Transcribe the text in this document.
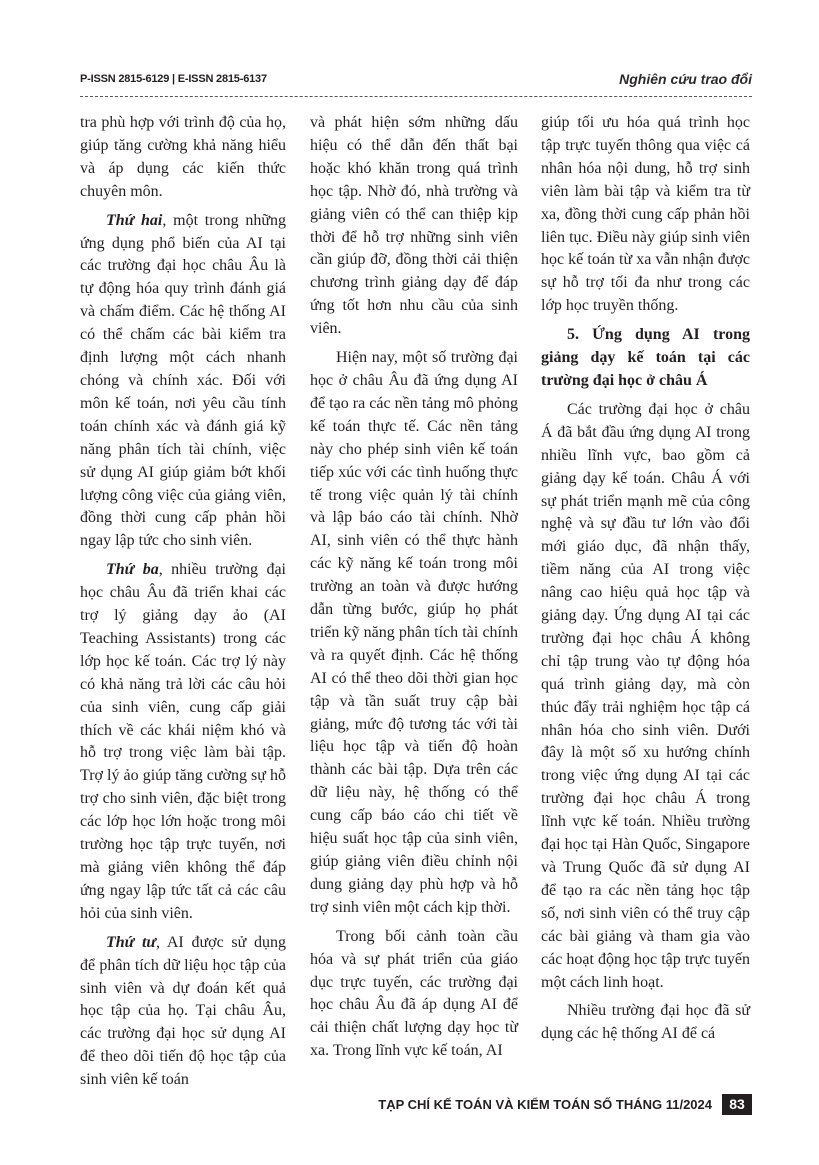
P-ISSN 2815-6129 | E-ISSN 2815-6137	Nghiên cứu trao đổi

tra phù hợp với trình độ của họ, giúp tăng cường khả năng hiểu và áp dụng các kiến thức chuyên môn.

Thứ hai, một trong những ứng dụng phổ biến của AI tại các trường đại học châu Âu là tự động hóa quy trình đánh giá và chấm điểm. Các hệ thống AI có thể chấm các bài kiểm tra định lượng một cách nhanh chóng và chính xác. Đối với môn kế toán, nơi yêu cầu tính toán chính xác và đánh giá kỹ năng phân tích tài chính, việc sử dụng AI giúp giảm bớt khối lượng công việc của giảng viên, đồng thời cung cấp phản hồi ngay lập tức cho sinh viên.

Thứ ba, nhiều trường đại học châu Âu đã triển khai các trợ lý giảng dạy ảo (AI Teaching Assistants) trong các lớp học kế toán. Các trợ lý này có khả năng trả lời các câu hỏi của sinh viên, cung cấp giải thích về các khái niệm khó và hỗ trợ trong việc làm bài tập. Trợ lý ảo giúp tăng cường sự hỗ trợ cho sinh viên, đặc biệt trong các lớp học lớn hoặc trong môi trường học tập trực tuyến, nơi mà giảng viên không thể đáp ứng ngay lập tức tất cả các câu hỏi của sinh viên.

Thứ tư, AI được sử dụng để phân tích dữ liệu học tập của sinh viên và dự đoán kết quả học tập của họ. Tại châu Âu, các trường đại học sử dụng AI để theo dõi tiến độ học tập của sinh viên kế toán

và phát hiện sớm những dấu hiệu có thể dẫn đến thất bại hoặc khó khăn trong quá trình học tập. Nhờ đó, nhà trường và giảng viên có thể can thiệp kịp thời để hỗ trợ những sinh viên cần giúp đỡ, đồng thời cải thiện chương trình giảng dạy để đáp ứng tốt hơn nhu cầu của sinh viên.

Hiện nay, một số trường đại học ở châu Âu đã ứng dụng AI để tạo ra các nền tảng mô phỏng kế toán thực tế. Các nền tảng này cho phép sinh viên kế toán tiếp xúc với các tình huống thực tế trong việc quản lý tài chính và lập báo cáo tài chính. Nhờ AI, sinh viên có thể thực hành các kỹ năng kế toán trong môi trường an toàn và được hướng dẫn từng bước, giúp họ phát triển kỹ năng phân tích tài chính và ra quyết định. Các hệ thống AI có thể theo dõi thời gian học tập và tần suất truy cập bài giảng, mức độ tương tác với tài liệu học tập và tiến độ hoàn thành các bài tập. Dựa trên các dữ liệu này, hệ thống có thể cung cấp báo cáo chi tiết về hiệu suất học tập của sinh viên, giúp giảng viên điều chỉnh nội dung giảng dạy phù hợp và hỗ trợ sinh viên một cách kịp thời.

Trong bối cảnh toàn cầu hóa và sự phát triển của giáo dục trực tuyến, các trường đại học châu Âu đã áp dụng AI để cải thiện chất lượng dạy học từ xa. Trong lĩnh vực kế toán, AI

giúp tối ưu hóa quá trình học tập trực tuyến thông qua việc cá nhân hóa nội dung, hỗ trợ sinh viên làm bài tập và kiểm tra từ xa, đồng thời cung cấp phản hồi liên tục. Điều này giúp sinh viên học kế toán từ xa vẫn nhận được sự hỗ trợ tối đa như trong các lớp học truyền thống.

5. Ứng dụng AI trong giảng dạy kế toán tại các trường đại học ở châu Á

Các trường đại học ở châu Á đã bắt đầu ứng dụng AI trong nhiều lĩnh vực, bao gồm cả giảng dạy kế toán. Châu Á với sự phát triển mạnh mẽ của công nghệ và sự đầu tư lớn vào đổi mới giáo dục, đã nhận thấy, tiềm năng của AI trong việc nâng cao hiệu quả học tập và giảng dạy. Ứng dụng AI tại các trường đại học châu Á không chỉ tập trung vào tự động hóa quá trình giảng dạy, mà còn thúc đẩy trải nghiệm học tập cá nhân hóa cho sinh viên. Dưới đây là một số xu hướng chính trong việc ứng dụng AI tại các trường đại học châu Á trong lĩnh vực kế toán. Nhiều trường đại học tại Hàn Quốc, Singapore và Trung Quốc đã sử dụng AI để tạo ra các nền tảng học tập số, nơi sinh viên có thể truy cập các bài giảng và tham gia vào các hoạt động học tập trực tuyến một cách linh hoạt.

Nhiều trường đại học đã sử dụng các hệ thống AI để cá

TẠP CHÍ KẾ TOÁN VÀ KIỂM TOÁN SỐ THÁNG 11/2024	83
